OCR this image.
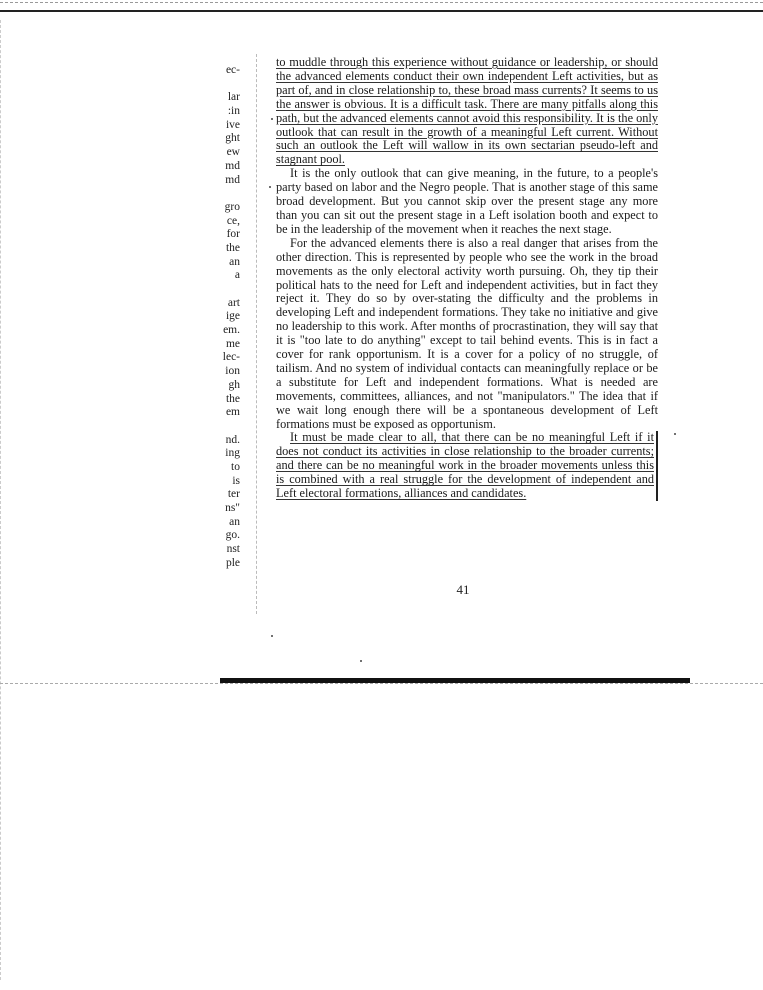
ec-
lar
:in
ive
ght
ew
md
md
gro
ce,
for
the
an
a
art
ige
em.
me
lec-
ion
gh
the
em
nd.
ing
to
is
ter
ns"
an
go.
nst
ple

to muddle through this experience without guidance or leadership, or should the advanced elements conduct their own independent Left activities, but as part of, and in close relationship to, these broad mass currents? It seems to us the answer is obvious. It is a difficult task. There are many pitfalls along this path, but the advanced elements cannot avoid this responsibility. It is the only outlook that can result in the growth of a meaningful Left current. Without such an outlook the Left will wallow in its own sectarian pseudo-left and stagnant pool.

It is the only outlook that can give meaning, in the future, to a people's party based on labor and the Negro people. That is another stage of this same broad development. But you cannot skip over the present stage any more than you can sit out the present stage in a Left isolation booth and expect to be in the leadership of the movement when it reaches the next stage.

For the advanced elements there is also a real danger that arises from the other direction. This is represented by people who see the work in the broad movements as the only electoral activity worth pursuing. Oh, they tip their political hats to the need for Left and independent activities, but in fact they reject it. They do so by over-stating the difficulty and the problems in developing Left and independent formations. They take no initiative and give no leadership to this work. After months of procrastination, they will say that it is "too late to do anything" except to tail behind events. This is in fact a cover for rank opportunism. It is a cover for a policy of no struggle, of tailism. And no system of individual contacts can meaningfully replace or be a substitute for Left and independent formations. What is needed are movements, committees, alliances, and not "manipulators." The idea that if we wait long enough there will be a spontaneous development of Left formations must be exposed as opportunism.

It must be made clear to all, that there can be no meaningful Left if it does not conduct its activities in close relationship to the broader currents; and there can be no meaningful work in the broader movements unless this is combined with a real struggle for the development of independent and Left electoral formations, alliances and candidates.

41
